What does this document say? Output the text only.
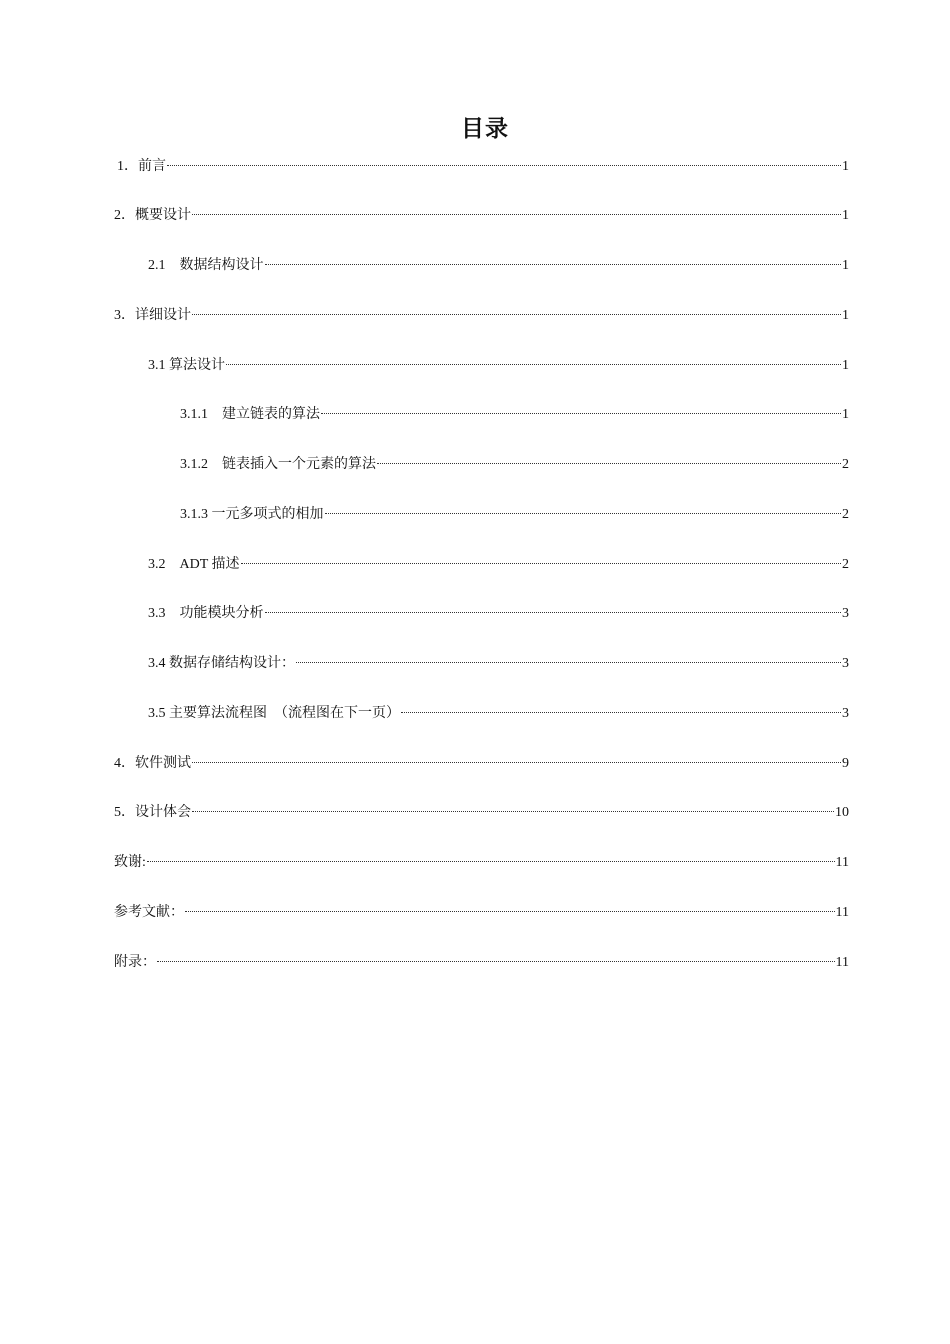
目录
1．前言	1
2．概要设计	1
2.1　数据结构设计	1
3．详细设计	1
3.1 算法设计	1
3.1.1　建立链表的算法	1
3.1.2　链表插入一个元素的算法	2
3.1.3 一元多项式的相加	2
3.2　ADT 描述	2
3.3　功能模块分析	3
3.4 数据存储结构设计：	3
3.5 主要算法流程图　（流程图在下一页）	3
4．软件测试	9
5．设计体会	10
致谢:	11
参考文献：	11
附录：	11
